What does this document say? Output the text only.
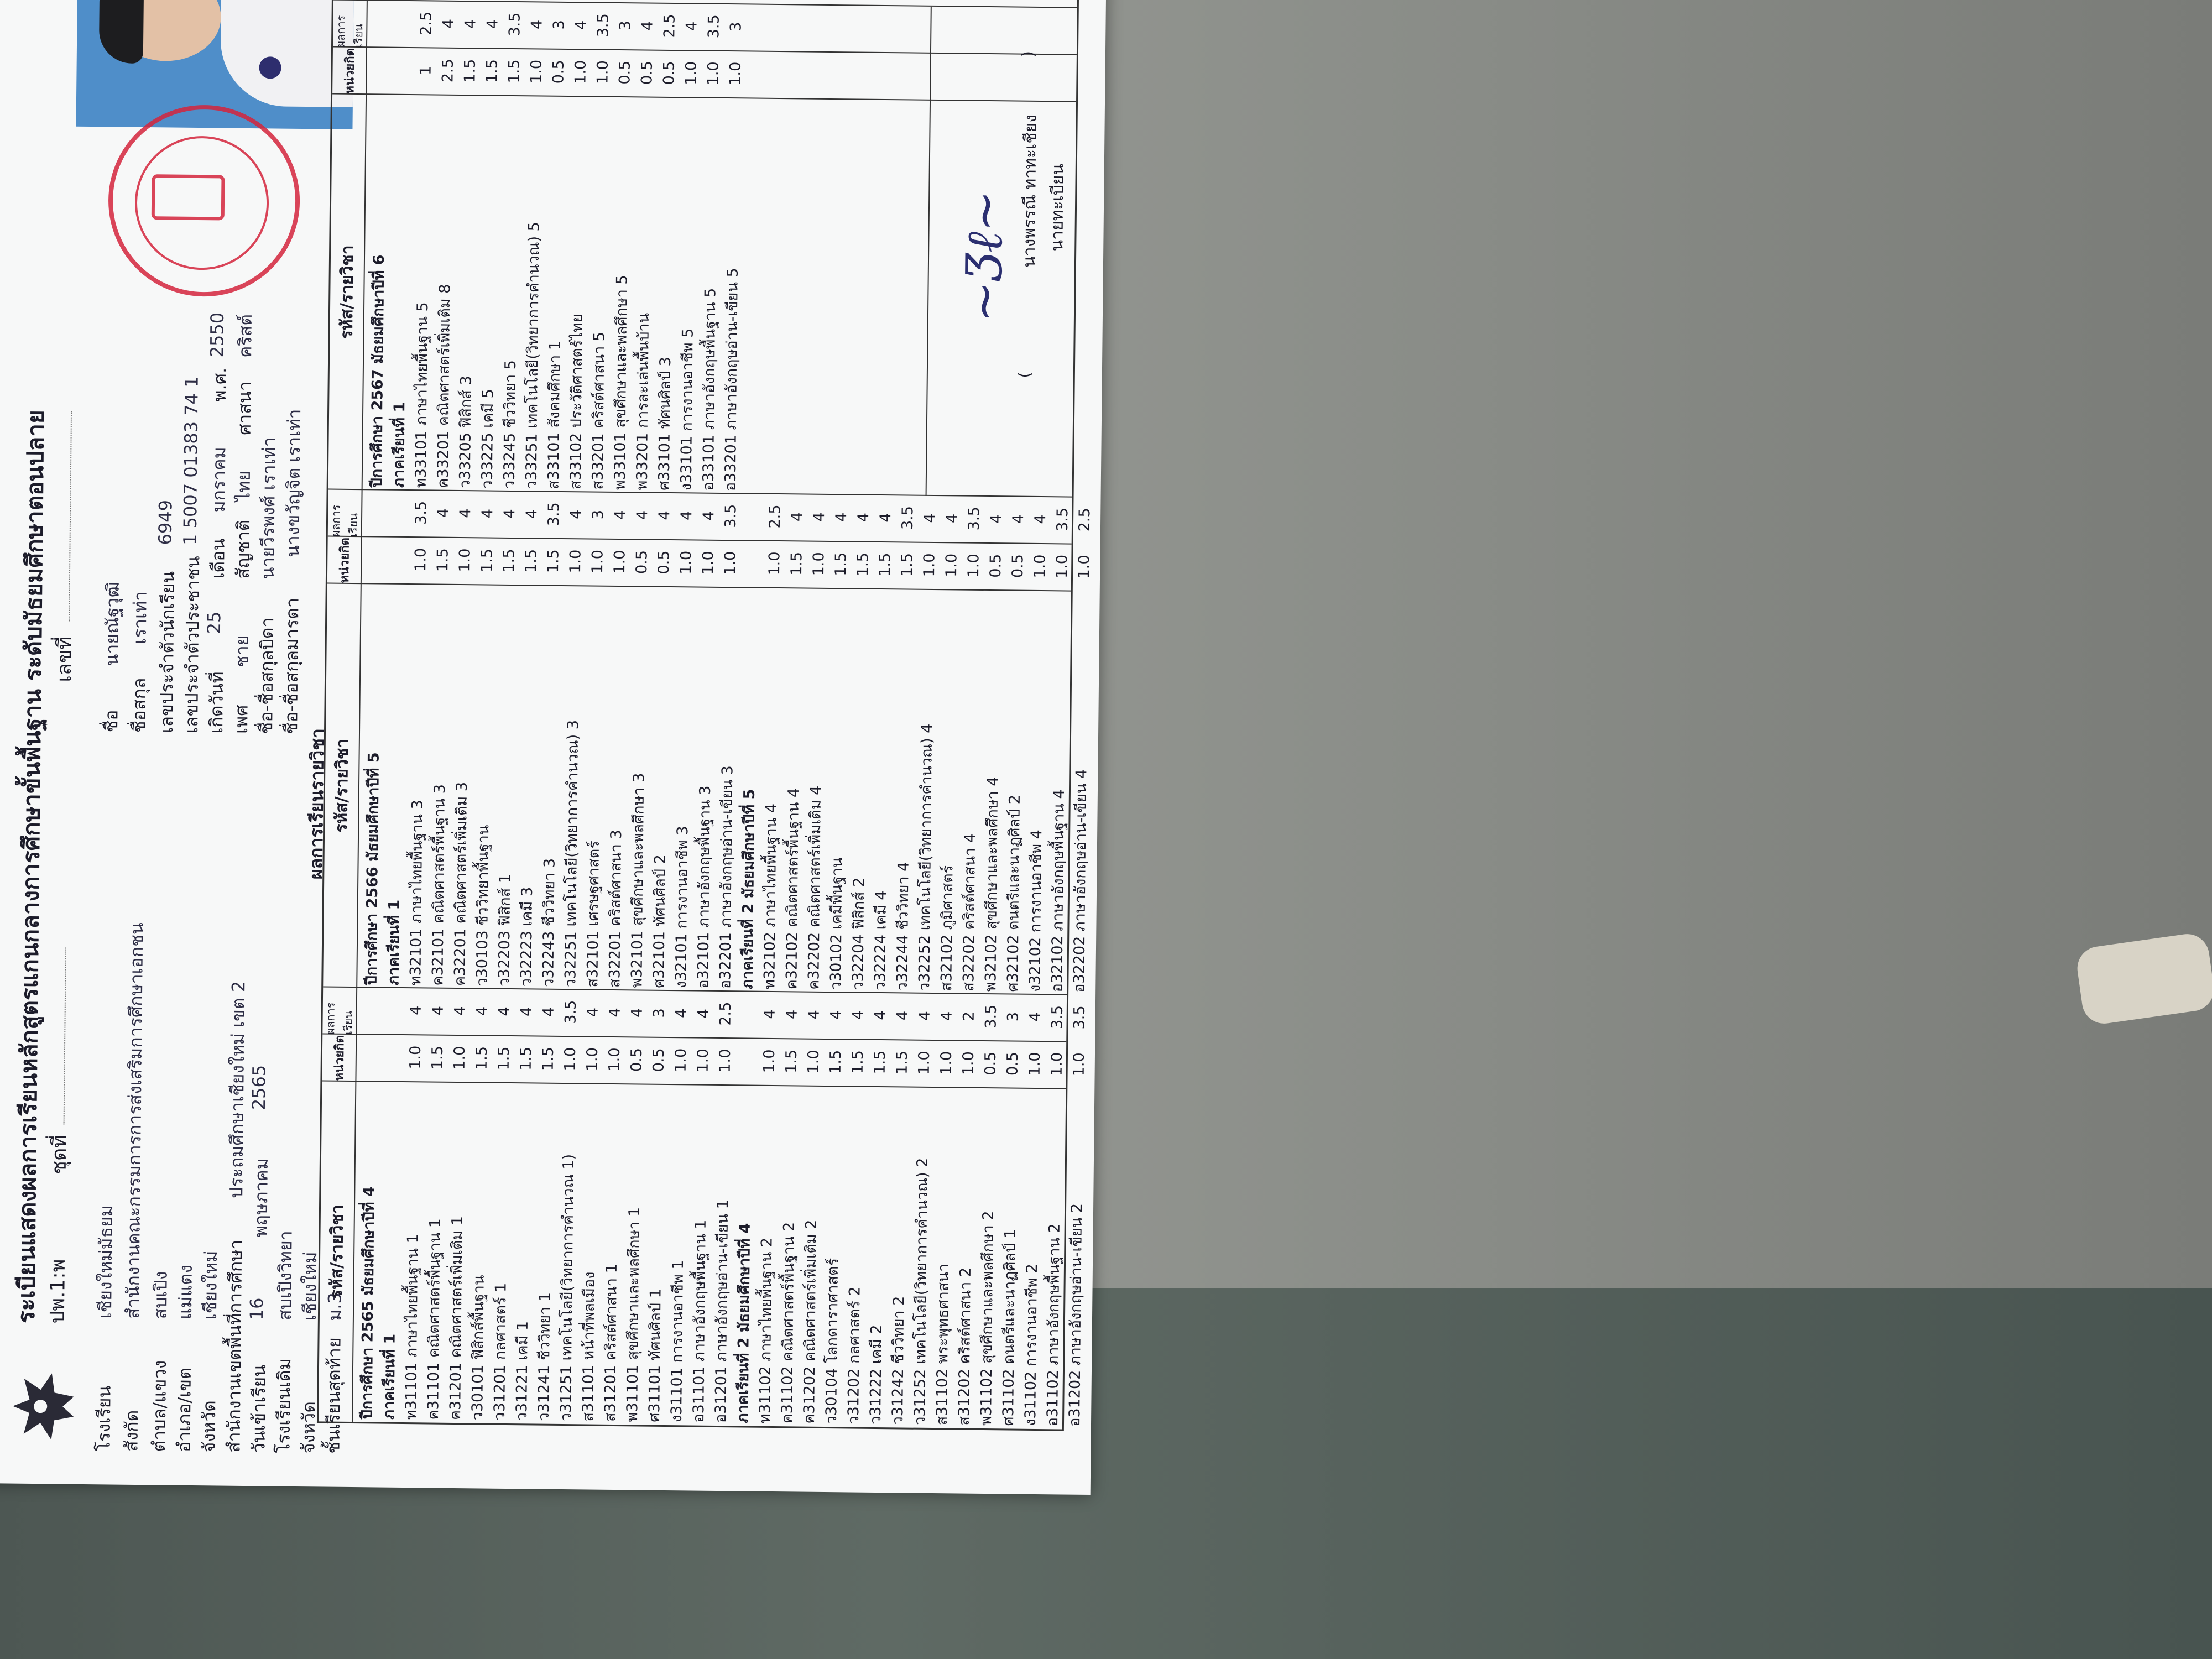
ระเบียนแสดงผลการเรียนหลักสูตรแกนกลางการศึกษาขั้นพื้นฐาน ระดับมัธยมศึกษาตอนปลาย
ปพ.1:พ
ชุดที่
เลขที่
โรงเรียน
เชียงใหม่มัธยม
สังกัด
สำนักงานคณะกรรมการการส่งเสริมการศึกษาเอกชน
ตำบล/แขวง
สบเปิง
อำเภอ/เขต
แม่แตง
จังหวัด
เชียงใหม่ สำนักงานเขตพื้นที่การศึกษา
ประถมศึกษาเชียงใหม่ เขต 2
วันเข้าเรียน
16
พฤษภาคม
2565
โรงเรียนเดิม
สบเปิงวิทยา
จังหวัด
เชียงใหม่
ชื่อ
นายณัฐวุฒิ
ชื่อสกุล
เราเท่า เลขประจำตัวนักเรียน
6949
เลขประจำตัวประชาชน
1 5007 01383 74 1
เกิดวันที่
25
เดือน
มกราคม
พ.ศ.
2550
เพศ
ชาย
สัญชาติ
ไทย
ศาสนา
คริสต์
ชื่อ-ชื่อสกุลบิดา
นายวีรพงศ์ เราเท่า
ชื่อ-ชื่อสกุลมารดา
นางขวัญจิต เราเท่า
ชั้นเรียนสุดท้าย
ม.3
ผลการเรียนรายวิชา
รหัส/รายวิชา
หน่วยกิต
ผลการเรียน
รหัส/รายวิชา
หน่วยกิต
ผลการเรียน
รหัส/รายวิชา
หน่วยกิต
ผลการเรียน
ปีการศึกษา 2565 มัธยมศึกษาปีที่ 4 ภาคเรียนที่ 1 ท31101 ภาษาไทยพื้นฐาน 1
1.0
4
ค31101 คณิตศาสตร์พื้นฐาน 1
1.5
4
ค31201 คณิตศาสตร์เพิ่มเติม 1
1.0
4
ว30101 ฟิสิกส์พื้นฐาน
1.5
4
ว31201 กลศาสตร์ 1
1.5
4
ว31221 เคมี 1
1.5
4
ว31241 ชีววิทยา 1
1.5
4
ว31251 เทคโนโลยี(วิทยาการคำนวณ 1)
1.0
3.5
ส31101 หน้าที่พลเมือง
1.0
4
ส31201 คริสต์ศาสนา 1
1.0
4
พ31101 สุขศึกษาและพลศึกษา 1
0.5
4
ศ31101 ทัศนศิลป์ 1
0.5
3
ง31101 การงานอาชีพ 1
1.0
4
อ31101 ภาษาอังกฤษพื้นฐาน 1
1.0
4
อ31201 ภาษาอังกฤษอ่าน-เขียน 1
1.0
2.5
ภาคเรียนที่ 2 มัธยมศึกษาปีที่ 4 ท31102 ภาษาไทยพื้นฐาน 2
1.0
4
ค31102 คณิตศาสตร์พื้นฐาน 2
1.5
4
ค31202 คณิตศาสตร์เพิ่มเติม 2
1.0
4
ว30104 โลกดาราศาสตร์
1.5
4
ว31202 กลศาสตร์ 2
1.5
4
ว31222 เคมี 2
1.5
4
ว31242 ชีววิทยา 2
1.5
4
ว31252 เทคโนโลยี(วิทยาการคำนวณ) 2
1.0
4
ส31102 พระพุทธศาสนา
1.0
4
ส31202 คริสต์ศาสนา 2
1.0
2
พ31102 สุขศึกษาและพลศึกษา 2
0.5
3.5
ศ31102 ดนตรีและนาฏศิลป์ 1
0.5
3
ง31102 การงานอาชีพ 2
1.0
4
อ31102 ภาษาอังกฤษพื้นฐาน 2
1.0
3.5
อ31202 ภาษาอังกฤษอ่าน-เขียน 2
1.0
3.5
ปีการศึกษา 2566 มัธยมศึกษาปีที่ 5 ภาคเรียนที่ 1 ท32101 ภาษาไทยพื้นฐาน 3
1.0
3.5
ค32101 คณิตศาสตร์พื้นฐาน 3
1.5
4
ค32201 คณิตศาสตร์เพิ่มเติม 3
1.0
4
ว30103 ชีววิทยาพื้นฐาน
1.5
4
ว32203 ฟิสิกส์ 1
1.5
4
ว32223 เคมี 3
1.5
4
ว32243 ชีววิทยา 3
1.5
3.5
ว32251 เทคโนโลยี(วิทยาการคำนวณ) 3
1.0
4
ส32101 เศรษฐศาสตร์
1.0
3
ส32201 คริสต์ศาสนา 3
1.0
4
พ32101 สุขศึกษาและพลศึกษา 3
0.5
4
ศ32101 ทัศนศิลป์ 2
0.5
4
ง32101 การงานอาชีพ 3
1.0
4
อ32101 ภาษาอังกฤษพื้นฐาน 3
1.0
4
อ32201 ภาษาอังกฤษอ่าน-เขียน 3
1.0
3.5
ภาคเรียนที่ 2 มัธยมศึกษาปีที่ 5 ท32102 ภาษาไทยพื้นฐาน 4
1.0
2.5
ค32102 คณิตศาสตร์พื้นฐาน 4
1.5
4
ค32202 คณิตศาสตร์เพิ่มเติม 4
1.0
4
ว30102 เคมีพื้นฐาน
1.5
4
ว32204 ฟิสิกส์ 2
1.5
4
ว32224 เคมี 4
1.5
4
ว32244 ชีววิทยา 4
1.5
3.5
ว32252 เทคโนโลยี(วิทยาการคำนวณ) 4
1.0
4
ส32102 ภูมิศาสตร์
1.0
4
ส32202 คริสต์ศาสนา 4
1.0
3.5
พ32102 สุขศึกษาและพลศึกษา 4
0.5
4
ศ32102 ดนตรีและนาฏศิลป์ 2
0.5
4
ง32102 การงานอาชีพ 4
1.0
4
อ32102 ภาษาอังกฤษพื้นฐาน 4
1.0
3.5
อ32202 ภาษาอังกฤษอ่าน-เขียน 4
1.0
2.5
ปีการศึกษา 2567 มัธยมศึกษาปีที่ 6 ภาคเรียนที่ 1 ท33101 ภาษาไทยพื้นฐาน 5
1
2.5
ค33201 คณิตศาสตร์เพิ่มเติม 8
2.5
4
ว33205 ฟิสิกส์ 3
1.5
4
ว33225 เคมี 5
1.5
4
ว33245 ชีววิทยา 5
1.5
3.5
ว33251 เทคโนโลยี(วิทยาการคำนวณ) 5
1.0
4
ส33101 สังคมศึกษา 1
0.5
3
ส33102 ประวัติศาสตร์ไทย
1.0
4
ส33201 คริสต์ศาสนา 5
1.0
3.5
พ33101 สุขศึกษาและพลศึกษา 5
0.5
3
พ33201 การละเล่นพื้นบ้าน
0.5
4
ศ33101 ทัศนศิลป์ 3
0.5
2.5
ง33101 การงานอาชีพ 5
1.0
4
อ33101 ภาษาอังกฤษพื้นฐาน 5
1.0
3.5
อ33201 ภาษาอังกฤษอ่าน-เขียน 5
1.0
3
~Ʒℓ~
(
นางพรรณี ทาทะเชียง
)
นายทะเบียน
